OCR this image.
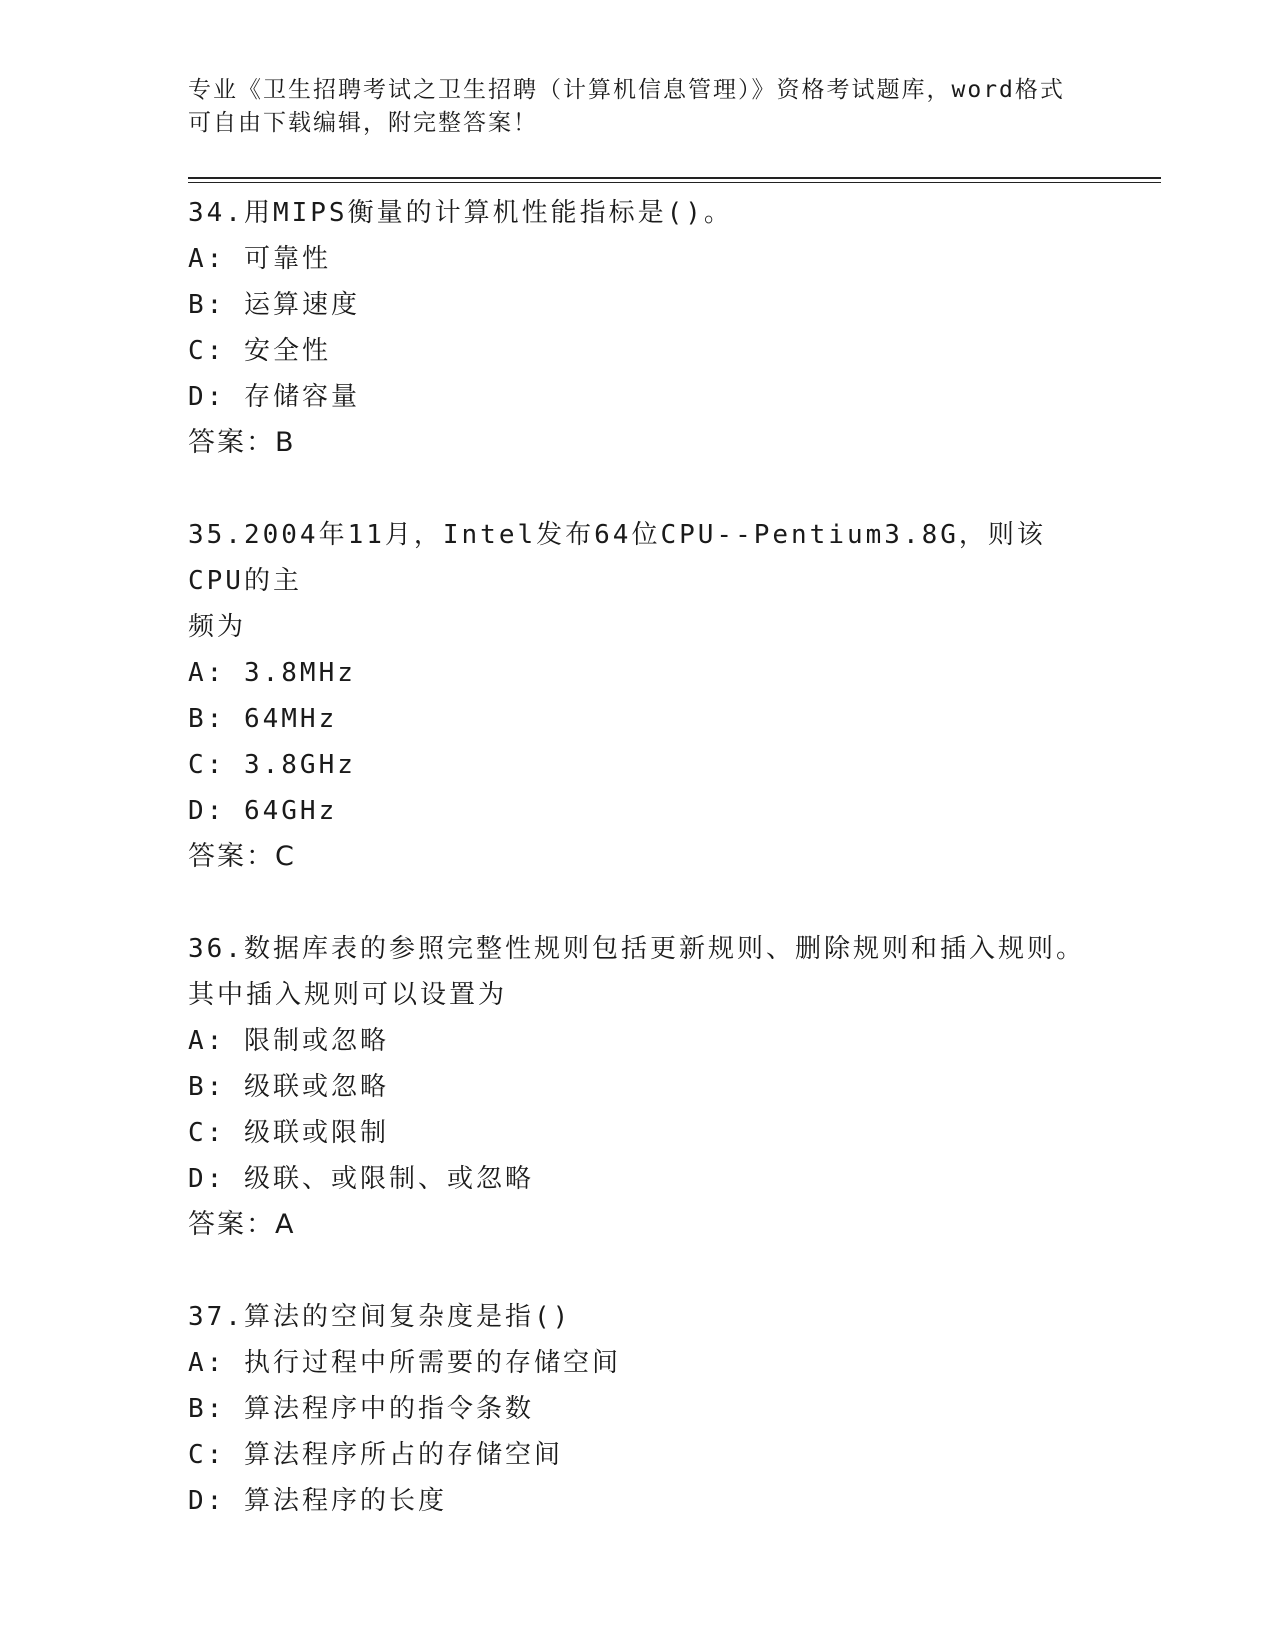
专业《卫生招聘考试之卫生招聘（计算机信息管理）》资格考试题库，word格式
可自由下载编辑，附完整答案！

34.用MIPS衡量的计算机性能指标是()。

A: 可靠性

B: 运算速度

C: 安全性

D: 存储容量

答案：B

35.2004年11月，Intel发布64位CPU--Pentium3.8G，则该CPU的主

频为

A: 3.8MHz

B: 64MHz

C: 3.8GHz

D: 64GHz

答案：C

36.数据库表的参照完整性规则包括更新规则、删除规则和插入规则。

其中插入规则可以设置为

A: 限制或忽略

B: 级联或忽略

C: 级联或限制

D: 级联、或限制、或忽略

答案：A

37.算法的空间复杂度是指()

A: 执行过程中所需要的存储空间

B: 算法程序中的指令条数

C: 算法程序所占的存储空间

D: 算法程序的长度
